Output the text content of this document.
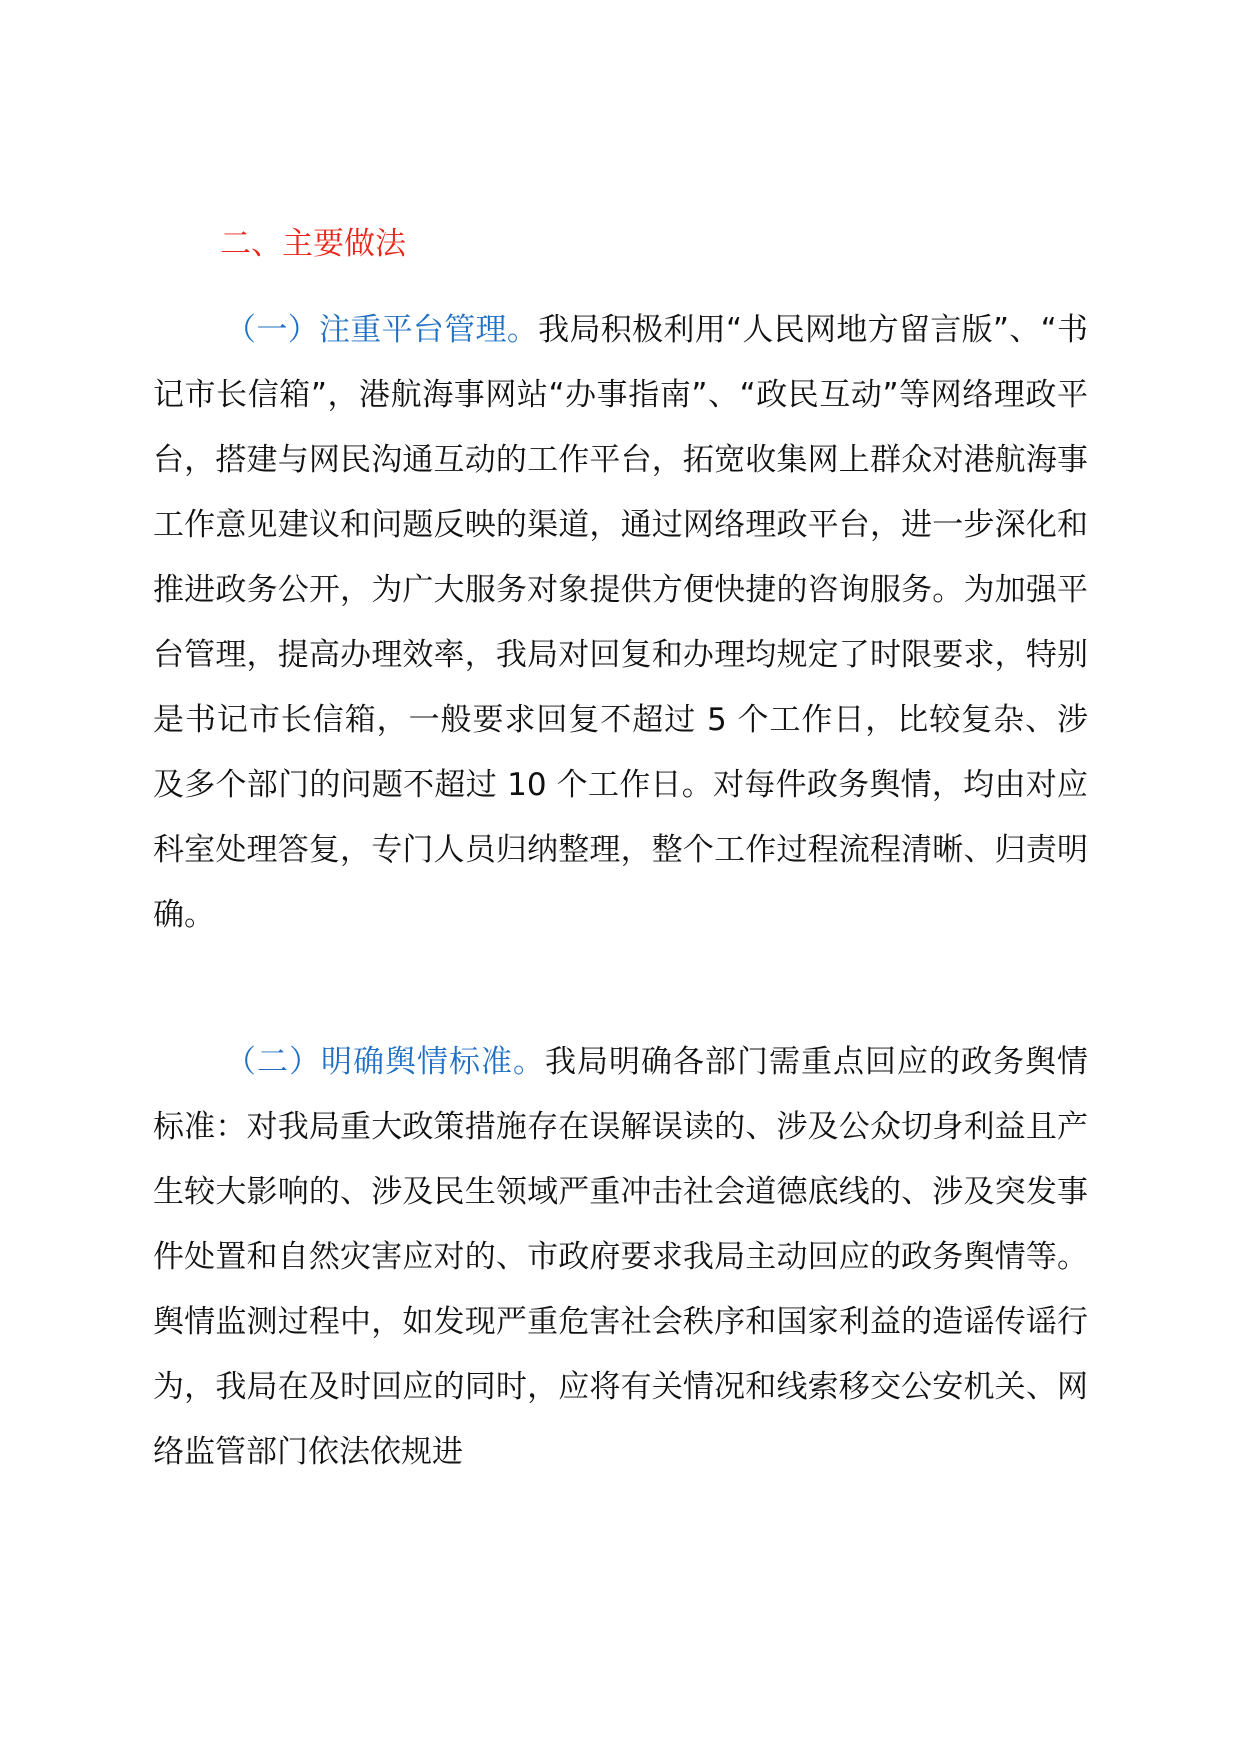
二、主要做法

（一）注重平台管理。我局积极利用“人民网地方留言版”、“书记市长信箱”，港航海事网站“办事指南”、“政民互动”等网络理政平台，搭建与网民沟通互动的工作平台，拓宽收集网上群众对港航海事工作意见建议和问题反映的渠道，通过网络理政平台，进一步深化和推进政务公开，为广大服务对象提供方便快捷的咨询服务。为加强平台管理，提高办理效率，我局对回复和办理均规定了时限要求，特别是书记市长信箱，一般要求回复不超过 5 个工作日，比较复杂、涉及多个部门的问题不超过 10 个工作日。对每件政务舆情，均由对应科室处理答复，专门人员归纳整理，整个工作过程流程清晰、归责明确。

（二）明确舆情标准。我局明确各部门需重点回应的政务舆情标准：对我局重大政策措施存在误解误读的、涉及公众切身利益且产生较大影响的、涉及民生领域严重冲击社会道德底线的、涉及突发事件处置和自然灾害应对的、市政府要求我局主动回应的政务舆情等。舆情监测过程中，如发现严重危害社会秩序和国家利益的造谣传谣行为，我局在及时回应的同时，应将有关情况和线索移交公安机关、网络监管部门依法依规进
